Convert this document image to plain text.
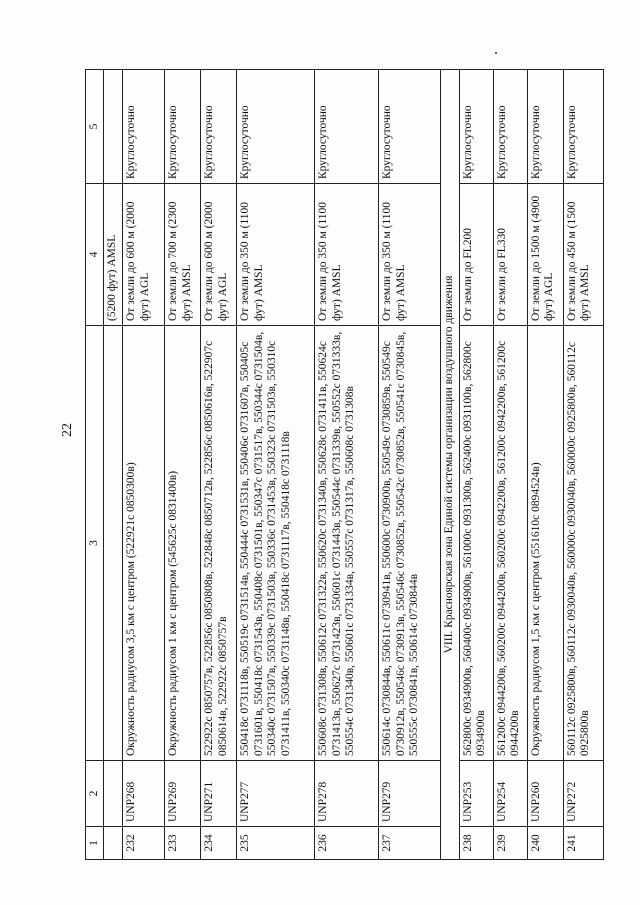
22
1	2	3	4	5
			(5200 фут) AMSL	
232	UNP268	Окружность радиусом 3,5 км с центром (522921с 0850300в)	От земли до 600 м (2000 фут) AGL	Круглосуточно
233	UNP269	Окружность радиусом 1 км с центром (545625с 0831400в)	От земли до 700 м (2300 фут) AMSL	Круглосуточно
234	UNP271	522922с 0850757в, 522856с 0850808в, 522848с 0850712в, 522856с 0850616в, 522907с 0850614в, 522922с 0850757в	От земли до 600 м (2000 фут) AGL	Круглосуточно
235	UNP277	550418с 0731118в, 550519с 0731514в, 550444с 0731531в, 550406с 0731607в, 550405с 0731601в, 550418с 0731543в, 550408с 0731501в, 550347с 0731517в, 550344с 0731504в, 550340с 0731507в, 550339с 0731503в, 550336с 0731453в, 550323с 0731503в, 550310с 0731411в, 550340с 0731148в, 550418с 0731117в, 550418с 0731118в	От земли до 350 м (1100 фут) AMSL	Круглосуточно
236	UNP278	550608с 0731308в, 550612с 0731322в, 550620с 0731340в, 550628с 0731411в, 550624с 0731413в, 550627с 0731423в, 550601с 0731443в, 550544с 0731339в, 550552с 0731333в, 550554с 0731340в, 550601с 0731334в, 550557с 0731317в, 550608с 0731308в	От земли до 350 м (1100 фут) AMSL	Круглосуточно
237	UNP279	550614с 0730844в, 550611с 0730941в, 550600с 0730900в, 550549с 0730859в, 550549с 0730912в, 550546с 0730913в, 550546с 0730852в, 550542с 0730852в, 550541с 0730845в, 550555с 0730841в, 550614с 0730844в	От земли до 350 м (1100 фут) AMSL	Круглосуточно
VIII. Красноярская зона Единой системы организации воздушного движения				
238	UNP253	562800с 0934900в, 560400с 0934900в, 561000с 0931300в, 562400с 0931100в, 562800с 0934900в	От земли до FL200	Круглосуточно
239	UNP254	561200с 0944200в, 560200с 0944200в, 560200с 0942200в, 561200с 0942200в, 561200с 0944200в	От земли до FL330	Круглосуточно
240	UNP260	Окружность радиусом 1,5 км с центром (551610с 0894524в)	От земли до 1500 м (4900 фут) AGL	Круглосуточно
241	UNP272	560112с 0925800в, 560112с 0930040в, 560000с 0930040в, 560000с 0925800в, 560112с 0925800в	От земли до 450 м (1500 фут) AMSL	Круглосуточно
